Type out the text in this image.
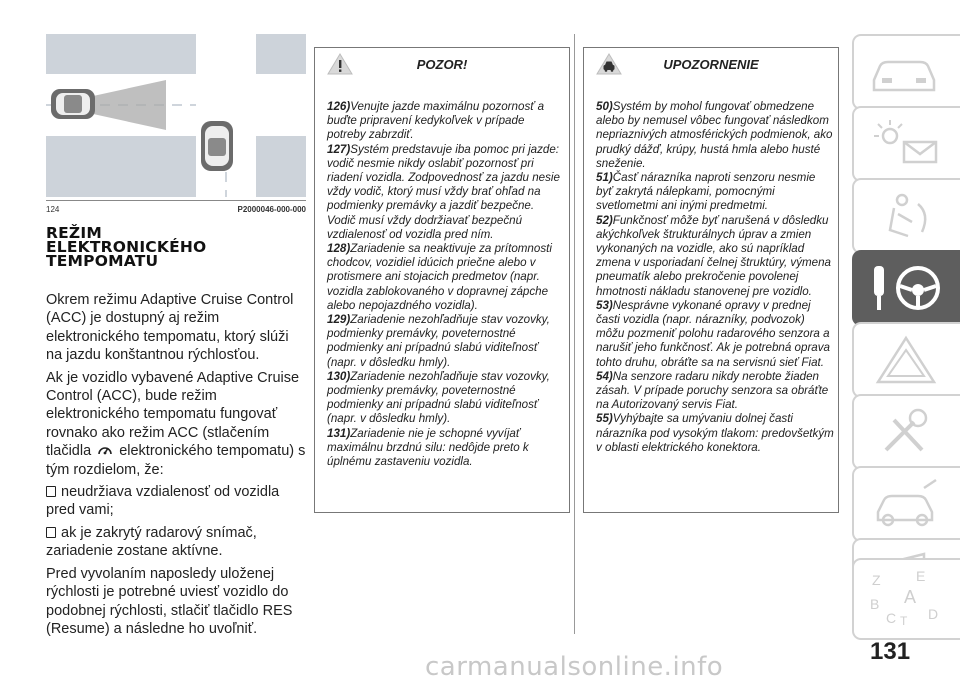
124	P2000046-000-000
REŽIM
ELEKTRONICKÉHO
TEMPOMATU

Okrem režimu Adaptive Cruise Control (ACC) je dostupný aj režim elektronického tempomatu, ktorý slúži na jazdu konštantnou rýchlosťou.

Ak je vozidlo vybavené Adaptive Cruise Control (ACC), bude režim elektronického tempomatu fungovať rovnako ako režim ACC (stlačením tlačidla elektronického tempomatu) s tým rozdielom, že:

neudržiava vzdialenosť od vozidla pred vami;

ak je zakrytý radarový snímač, zariadenie zostane aktívne.

Pred vyvolaním naposledy uloženej rýchlosti je potrebné uviesť vozidlo do podobnej rýchlosti, stlačiť tlačidlo RES (Resume) a následne ho uvoľniť.

POZOR!
126)Venujte jazde maximálnu pozornosť a buďte pripravení kedykoľvek v prípade potreby zabrzdiť.
127)Systém predstavuje iba pomoc pri jazde: vodič nesmie nikdy oslabiť pozornosť pri riadení vozidla. Zodpovednosť za jazdu nesie vždy vodič, ktorý musí vždy brať ohľad na podmienky premávky a jazdiť bezpečne. Vodič musí vždy dodržiavať bezpečnú vzdialenosť od vozidla pred ním.
128)Zariadenie sa neaktivuje za prítomnosti chodcov, vozidiel idúcich priečne alebo v protismere ani stojacich predmetov (napr. vozidla zablokovaného v dopravnej zápche alebo nepojazdného vozidla).
129)Zariadenie nezohľadňuje stav vozovky, podmienky premávky, poveternostné podmienky ani prípadnú slabú viditeľnosť (napr. v dôsledku hmly).
130)Zariadenie nezohľadňuje stav vozovky, podmienky premávky, poveternostné podmienky ani prípadnú slabú viditeľnosť (napr. v dôsledku hmly).
131)Zariadenie nie je schopné vyvíjať maximálnu brzdnú silu: nedôjde preto k úplnému zastaveniu vozidla.
UPOZORNENIE
50)Systém by mohol fungovať obmedzene alebo by nemusel vôbec fungovať následkom nepriaznivých atmosférických podmienok, ako prudký dážď, krúpy, hustá hmla alebo husté sneženie.
51)Časť nárazníka naproti senzoru nesmie byť zakrytá nálepkami, pomocnými svetlometmi ani inými predmetmi.
52)Funkčnosť môže byť narušená v dôsledku akýchkoľvek štrukturálnych úprav a zmien vykonaných na vozidle, ako sú napríklad zmena v usporiadaní čelnej štruktúry, výmena pneumatík alebo prekročenie povolenej hmotnosti nákladu stanovenej pre vozidlo.
53)Nesprávne vykonané opravy v prednej časti vozidla (napr. nárazníky, podvozok) môžu pozmeniť polohu radarového senzora a narušiť jeho funkčnosť. Ak je potrebná oprava tohto druhu, obráťte sa na servisnú sieť Fiat.
54)Na senzore radaru nikdy nerobte žiaden zásah. V prípade poruchy senzora sa obráťte na Autorizovaný servis Fiat.
55)Vyhýbajte sa umývaniu dolnej časti nárazníka pod vysokým tlakom: predovšetkým v oblasti elektrického konektora.
Z	E
B A
C T D
131
carmanualsonline.info
